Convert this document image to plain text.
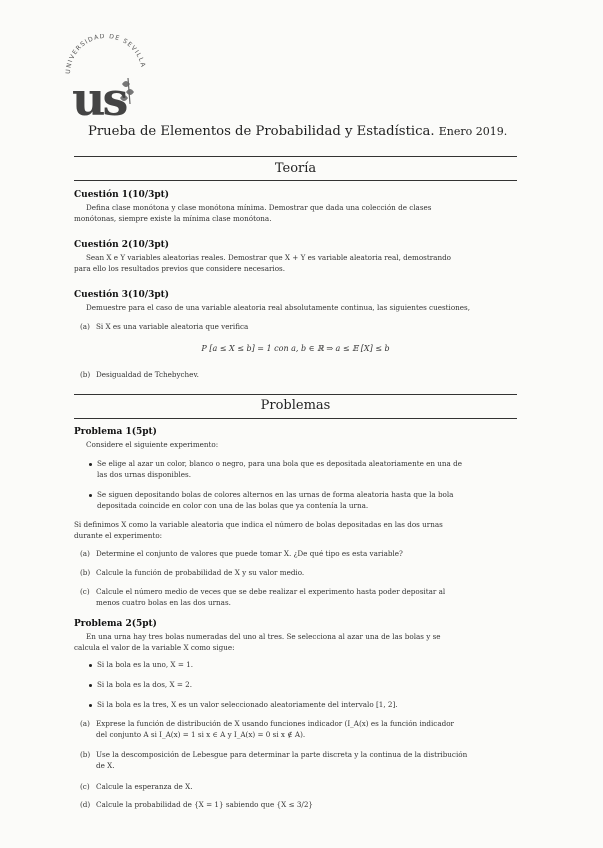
UNIVERSIDAD DE SEVILLA
us
Prueba de Elementos de Probabilidad y Estadística. Enero 2019.
Teoría
Cuestión 1(10/3pt)
Defina clase monótona y clase monótona mínima. Demostrar que dada una colección de clases
monótonas, siempre existe la mínima clase monótona.
Cuestión 2(10/3pt)
Sean X e Y variables aleatorias reales. Demostrar que X + Y es variable aleatoria real, demostrando
para ello los resultados previos que considere necesarios.
Cuestión 3(10/3pt)
Demuestre para el caso de una variable aleatoria real absolutamente continua, las siguientes cuestiones,
(a) Si X es una variable aleatoria que verifica
P [a ≤ X ≤ b] = 1 con a, b ∈ ℝ ⇒ a ≤ 𝔼 [X] ≤ b
(b) Desigualdad de Tchebychev.
Problemas
Problema 1(5pt)
Considere el siguiente experimento:
Se elige al azar un color, blanco o negro, para una bola que es depositada aleatoriamente en una de
las dos urnas disponibles.
Se siguen depositando bolas de colores alternos en las urnas de forma aleatoria hasta que la bola
depositada coincide en color con una de las bolas que ya contenía la urna.
Si definimos X como la variable aleatoria que indica el número de bolas depositadas en las dos urnas
durante el experimento:
(a) Determine el conjunto de valores que puede tomar X. ¿De qué tipo es esta variable?
(b) Calcule la función de probabilidad de X y su valor medio.
(c) Calcule el número medio de veces que se debe realizar el experimento hasta poder depositar al
menos cuatro bolas en las dos urnas.
Problema 2(5pt)
En una urna hay tres bolas numeradas del uno al tres. Se selecciona al azar una de las bolas y se
calcula el valor de la variable X como sigue:
Si la bola es la uno, X = 1.
Si la bola es la dos, X = 2.
Si la bola es la tres, X es un valor seleccionado aleatoriamente del intervalo [1, 2].
(a) Exprese la función de distribución de X usando funciones indicador (I_A(x) es la función indicador
del conjunto A si I_A(x) = 1 si x ∈ A y I_A(x) = 0 si x ∉ A).
(b) Use la descomposición de Lebesgue para determinar la parte discreta y la continua de la distribución
de X.
(c) Calcule la esperanza de X.
(d) Calcule la probabilidad de {X = 1} sabiendo que {X ≤ 3/2}
